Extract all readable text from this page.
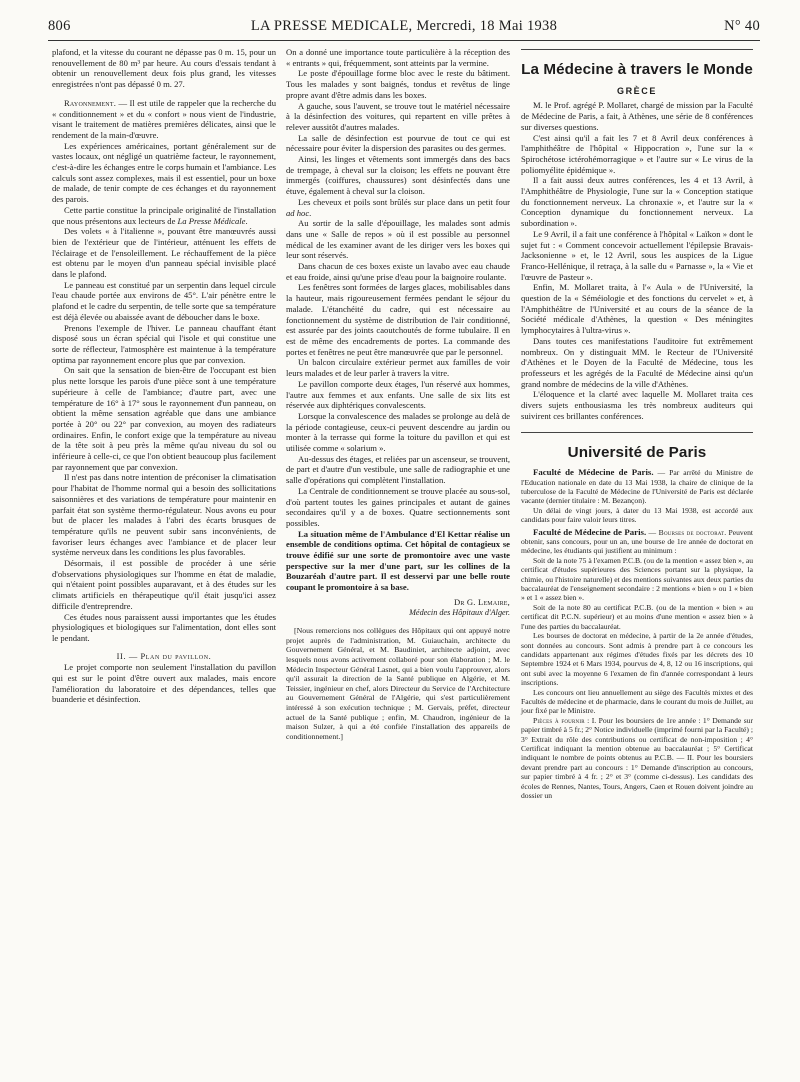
806	LA PRESSE MEDICALE, Mercredi, 18 Mai 1938	N° 40

plafond, et la vitesse du courant ne dépasse pas 0 m. 15, pour un renouvellement de 80 m³ par heure. Au cours d'essais tendant à obtenir un renouvellement deux fois plus grand, les vitesses enregistrées n'ont pas dépassé 0 m. 27.

Rayonnement. — Il est utile de rappeler que la recherche du « conditionnement » et du « confort » nous vient de l'industrie, visant le traitement de matières premières délicates, ainsi que le rendement de la main-d'œuvre.

Les expériences américaines, portant généralement sur de vastes locaux, ont négligé un quatrième facteur, le rayonnement, c'est-à-dire les échanges entre le corps humain et l'ambiance. Les calculs sont assez complexes, mais il est essentiel, pour un boxe de malade, de tenir compte de ces échanges et du rayonnement des parois.

Cette partie constitue la principale originalité de l'installation que nous présentons aux lecteurs de La Presse Médicale.

Des volets « à l'italienne », pouvant être manœuvrés aussi bien de l'extérieur que de l'intérieur, atténuent les effets de l'éclairage et de l'ensoleillement. Le réchauffement de la pièce est obtenu par le moyen d'un panneau spécial invisible placé dans le plafond.

Le panneau est constitué par un serpentin dans lequel circule l'eau chaude portée aux environs de 45°. L'air pénètre entre le plafond et le cadre du serpentin, de telle sorte que sa température est déjà élevée ou abaissée avant de déboucher dans le boxe.

Prenons l'exemple de l'hiver. Le panneau chauffant étant disposé sous un écran spécial qui l'isole et qui constitue une sorte de réflecteur, l'atmosphère est maintenue à la température optima par rayonnement encore plus que par convexion.

On sait que la sensation de bien-être de l'occupant est bien plus nette lorsque les parois d'une pièce sont à une température supérieure à celle de l'ambiance; d'autre part, avec une température de 16° à 17° sous le rayonnement d'un panneau, on obtient la même sensation agréable que dans une ambiance portée à 20° ou 22° par convexion, au moyen des radiateurs ordinaires. Enfin, le confort exige que la température au niveau de la tête soit à peu près la même qu'au niveau du sol ou inférieure à celle-ci, ce que l'on obtient beaucoup plus facilement par rayonnement que par convexion.

Il n'est pas dans notre intention de préconiser la climatisation pour l'habitat de l'homme normal qui a besoin des sollicitations saisonnières et des variations de température pour maintenir en parfait état son système thermo-régulateur. Nous avons eu pour but de placer les malades à l'abri des écarts brusques de température qu'ils ne peuvent subir sans inconvénients, de favoriser leurs échanges avec l'ambiance et de placer leur système nerveux dans les conditions les plus favorables.

Désormais, il est possible de procéder à une série d'observations physiologiques sur l'homme en état de maladie, qui n'étaient point possibles auparavant, et à des études sur les climats artificiels en thérapeutique qu'il était jusqu'ici assez difficile d'entreprendre.

Ces études nous paraissent aussi importantes que les études physiologiques et biologiques sur l'alimentation, dont elles sont le pendant.

II. — Plan du pavillon.

Le projet comporte non seulement l'installation du pavillon qui est sur le point d'être ouvert aux malades, mais encore l'amélioration du laboratoire et des dépendances, telles que buanderie et désinfection.

On a donné une importance toute particulière à la réception des « entrants » qui, fréquemment, sont atteints par la vermine.

Le poste d'épouillage forme bloc avec le reste du bâtiment. Tous les malades y sont baignés, tondus et revêtus de linge propre avant d'être admis dans les boxes.

A gauche, sous l'auvent, se trouve tout le matériel nécessaire à la désinfection des voitures, qui repartent en ville prêtes à relever aussitôt d'autres malades.

La salle de désinfection est pourvue de tout ce qui est nécessaire pour éviter la dispersion des parasites ou des germes.

Ainsi, les linges et vêtements sont immergés dans des bacs de trempage, à cheval sur la cloison; les effets ne pouvant être immergés (coiffures, chaussures) sont désinfectés dans une étuve, également à cheval sur la cloison.

Les cheveux et poils sont brûlés sur place dans un petit four ad hoc.

Au sortir de la salle d'épouillage, les malades sont admis dans une « Salle de repos » où il est possible au personnel médical de les examiner avant de les diriger vers les boxes qui leur sont réservés.

Dans chacun de ces boxes existe un lavabo avec eau chaude et eau froide, ainsi qu'une prise d'eau pour la baignoire roulante.

Les fenêtres sont formées de larges glaces, mobilisables dans la hauteur, mais rigoureusement fermées pendant le séjour du malade. L'étanchéité du cadre, qui est nécessaire au fonctionnement du système de distribution de l'air conditionné, est assurée par des joints caoutchoutés de forme tubulaire. Il en est de même des encadrements de portes. La commande des portes et fenêtres ne peut être manœuvrée que par le personnel.

Un balcon circulaire extérieur permet aux familles de voir leurs malades et de leur parler à travers la vitre.

Le pavillon comporte deux étages, l'un réservé aux hommes, l'autre aux femmes et aux enfants. Une salle de six lits est réservée aux diphtériques convalescents.

Lorsque la convalescence des malades se prolonge au delà de la période contagieuse, ceux-ci peuvent descendre au jardin ou monter à la terrasse qui forme la toiture du pavillon et qui est utilisée comme « solarium ».

Au-dessus des étages, et reliées par un ascenseur, se trouvent, de part et d'autre d'un vestibule, une salle de radiographie et une salle d'opérations qui complètent l'installation.

La Centrale de conditionnement se trouve placée au sous-sol, d'où partent toutes les gaines principales et autant de gaines secondaires qu'il y a de boxes. Quatre sectionnements sont possibles.

La situation même de l'Ambulance d'El Kettar réalise un ensemble de conditions optima. Cet hôpital de contagieux se trouve édifié sur une sorte de promontoire avec une vaste perspective sur la mer d'une part, sur les collines de la Bouzaréah d'autre part. Il est desservi par une belle route coupant le promontoire à sa base.

Dr G. Lemaire,

Médecin des Hôpitaux d'Alger.

[Nous remercions nos collègues des Hôpitaux qui ont appuyé notre projet auprès de l'administration, M. Guiauchain, architecte du Gouvernement Général, et M. Baudiniet, architecte adjoint, avec lesquels nous avons activement collaboré pour son élaboration ; M. le Médecin Inspecteur Général Lasnet, qui a bien voulu l'approuver, alors qu'il assurait la direction de la Santé publique en Algérie, et M. Teissier, ingénieur en chef, alors Directeur du Service de l'Architecture au Gouvernement Général de l'Algérie, qui s'est particulièrement intéressé à son exécution technique ; M. Gervais, préfet, directeur actuel de la Santé publique ; enfin, M. Chaudron, ingénieur de la maison Sulzer, à qui a été confiée l'installation des appareils de conditionnement.]

La Médecine à travers le Monde
GRÈCE

M. le Prof. agrégé P. Mollaret, chargé de mission par la Faculté de Médecine de Paris, a fait, à Athènes, une série de 8 conférences sur diverses questions.

C'est ainsi qu'il a fait les 7 et 8 Avril deux conférences à l'amphithéâtre de l'hôpital « Hippocration », l'une sur la « Spirochétose ictérohémorragique » et l'autre sur « Le virus de la poliomyélite épidémique ».

Il a fait aussi deux autres conférences, les 4 et 13 Avril, à l'Amphithéâtre de Physiologie, l'une sur la « Conception statique du fonctionnement nerveux. La chronaxie », et l'autre sur la « Conception dynamique du fonctionnement nerveux. La subordination ».

Le 9 Avril, il a fait une conférence à l'hôpital « Laïkon » dont le sujet fut : « Comment concevoir actuellement l'épilepsie Bravais-Jacksonienne » et, le 12 Avril, sous les auspices de la Ligue Franco-Hellénique, il retraça, à la salle du « Parnasse », la « Vie et l'œuvre de Pasteur ».

Enfin, M. Mollaret traita, à l'« Aula » de l'Université, la question de la « Séméiologie et des fonctions du cervelet » et, à l'Amphithéâtre de l'Université et au cours de la séance de la Société médicale d'Athènes, la question « Des méningites lymphocytaires à l'ultra-virus ».

Dans toutes ces manifestations l'auditoire fut extrêmement nombreux. On y distinguait MM. le Recteur de l'Université d'Athènes et le Doyen de la Faculté de Médecine, tous les professeurs et les agrégés de la Faculté de Médecine ainsi qu'un grand nombre de médecins de la ville d'Athènes.

L'éloquence et la clarté avec laquelle M. Mollaret traita ces divers sujets enthousiasma les très nombreux auditeurs qui suivirent ces brillantes conférences.

Université de Paris

Faculté de Médecine de Paris. — Par arrêté du Ministre de l'Education nationale en date du 13 Mai 1938, la chaire de clinique de la tuberculose de la Faculté de Médecine de l'Université de Paris est déclarée vacante (dernier titulaire : M. Bezançon).

Un délai de vingt jours, à dater du 13 Mai 1938, est accordé aux candidats pour faire valoir leurs titres.

Faculté de Médecine de Paris. — Bourses de doctorat. Peuvent obtenir, sans concours, pour un an, une bourse de 1re année de doctorat en médecine, les étudiants qui justifient au minimum :

Soit de la note 75 à l'examen P.C.B. (ou de la mention « assez bien », au certificat d'études supérieures des Sciences portant sur la physique, la chimie, ou l'histoire naturelle) et des mentions suivantes aux deux parties du baccalauréat de l'enseignement secondaire : 2 mentions « bien » ou 1 « bien » et 1 « assez bien ».

Soit de la note 80 au certificat P.C.B. (ou de la mention « bien » au certificat dit P.C.N. supérieur) et au moins d'une mention « assez bien » à l'une des parties du baccalauréat.

Les bourses de doctorat en médecine, à partir de la 2e année d'études, sont données au concours. Sont admis à prendre part à ce concours les candidats appartenant aux régimes d'études fixés par les décrets des 10 Septembre 1924 et 6 Mars 1934, pourvus de 4, 8, 12 ou 16 inscriptions, qui ont subi avec la moyenne 6 l'examen de fin d'année correspondant à leurs inscriptions.

Les concours ont lieu annuellement au siège des Facultés mixtes et des Facultés de médecine et de pharmacie, dans le courant du mois de Juillet, au jour fixé par le Ministre.

Pièces à fournir : I. Pour les boursiers de 1re année : 1° Demande sur papier timbré à 5 fr.; 2° Notice individuelle (imprimé fourni par la Faculté) ; 3° Extrait du rôle des contributions ou certificat de non-imposition ; 4° Certificat indiquant la mention obtenue au baccalauréat ; 5° Certificat indiquant le nombre de points obtenus au P.C.B. — II. Pour les boursiers devant prendre part au concours : 1° Demande d'inscription au concours, sur papier timbré à 4 fr. ; 2° et 3° (comme ci-dessus). Les candidats des écoles de Rennes, Nantes, Tours, Angers, Caen et Rouen doivent joindre au dossier un
